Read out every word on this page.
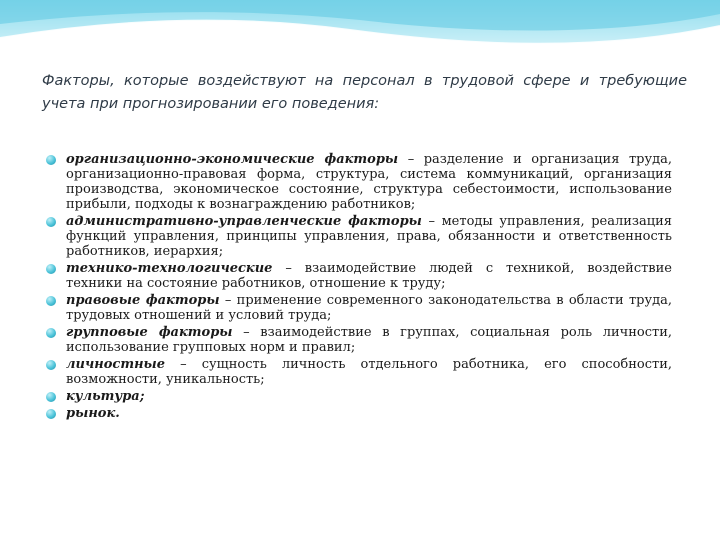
Факторы, которые воздействуют на персонал в трудовой сфере и требующие учета при прогнозировании его поведения:
организационно-экономические факторы – разделение и организация труда, организационно-правовая форма, структура, система коммуникаций, организация производства, экономическое состояние, структура себестоимости, использование прибыли, подходы к вознаграждению работников;
административно-управленческие факторы – методы управления, реализация функций управления, принципы управления, права, обязанности и ответственность работников, иерархия;
технико-технологические – взаимодействие людей с техникой, воздействие техники на состояние работников, отношение к труду;
правовые факторы – применение современного законодательства в области труда, трудовых отношений и условий труда;
групповые факторы – взаимодействие в группах, социальная роль личности, использование групповых норм и правил;
личностные – сущность личность отдельного работника, его способности, возможности, уникальность;
культура;
рынок.
